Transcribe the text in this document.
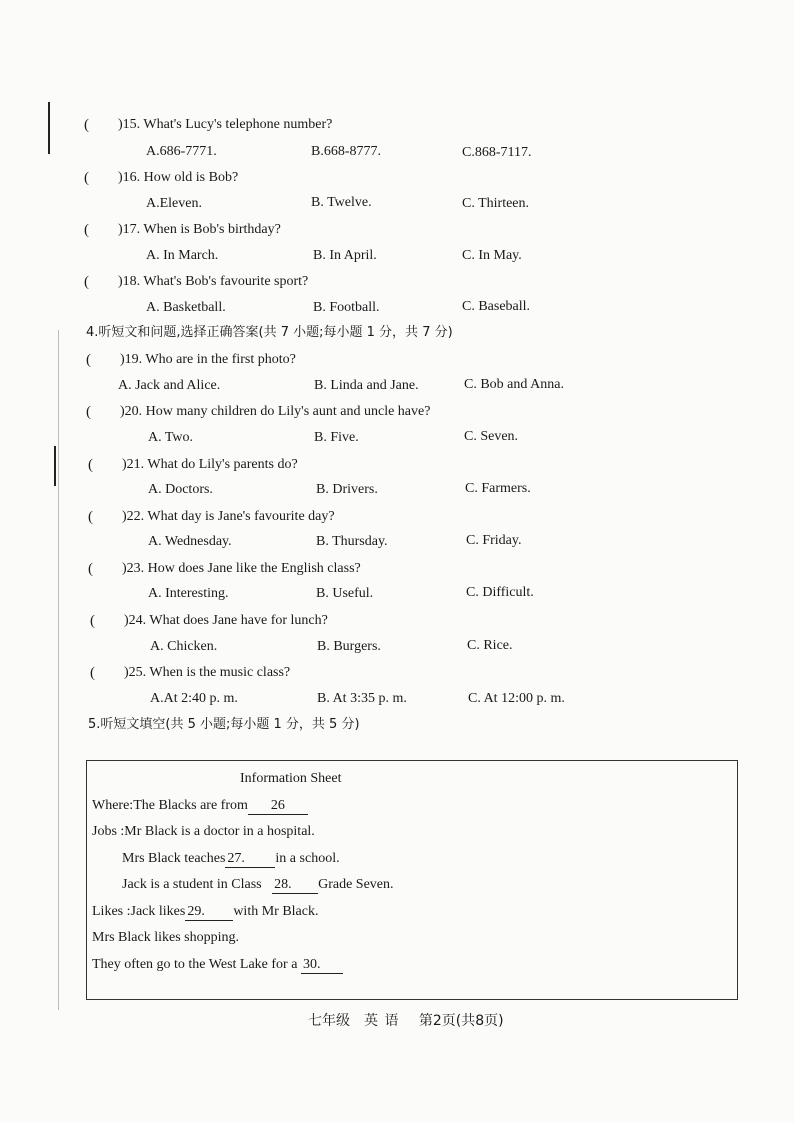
( )15. What's Lucy's telephone number?
A.686-7771.	B.668-8777.	C.868-7117.
( )16. How old is Bob?
A.Eleven.	B. Twelve.	C. Thirteen.
( )17. When is Bob's birthday?
A. In March.	B. In April.	C. In May.
( )18. What's Bob's favourite sport?
A. Basketball.	B. Football.	C. Baseball.
4.听短文和问题,选择正确答案(共 7 小题;每小题 1 分，共 7 分)
( )19. Who are in the first photo?
A. Jack and Alice.	B. Linda and Jane.	C. Bob and Anna.
( )20. How many children do Lily's aunt and uncle have?
A. Two.	B. Five.	C. Seven.
( )21. What do Lily's parents do?
A. Doctors.	B. Drivers.	C. Farmers.
( )22. What day is Jane's favourite day?
A. Wednesday.	B. Thursday.	C. Friday.
( )23. How does Jane like the English class?
A. Interesting.	B. Useful.	C. Difficult.
( )24. What does Jane have for lunch?
A. Chicken.	B. Burgers.	C. Rice.
( )25. When is the music class?
A.At 2:40 p. m.	B. At 3:35 p. m.	C. At 12:00 p. m.
5.听短文填空(共 5 小题;每小题 1 分，共 5 分)
Information Sheet
Where:The Blacks are from 26
Jobs :Mr Black is a doctor in a hospital.
Mrs Black teaches 27. in a school.
Jack is a student in Class 28. Grade Seven.
Likes :Jack likes 29. with Mr Black.
Mrs Black likes shopping.
They often go to the West Lake for a 30.
七年级　英 语　 第2页(共8页)
